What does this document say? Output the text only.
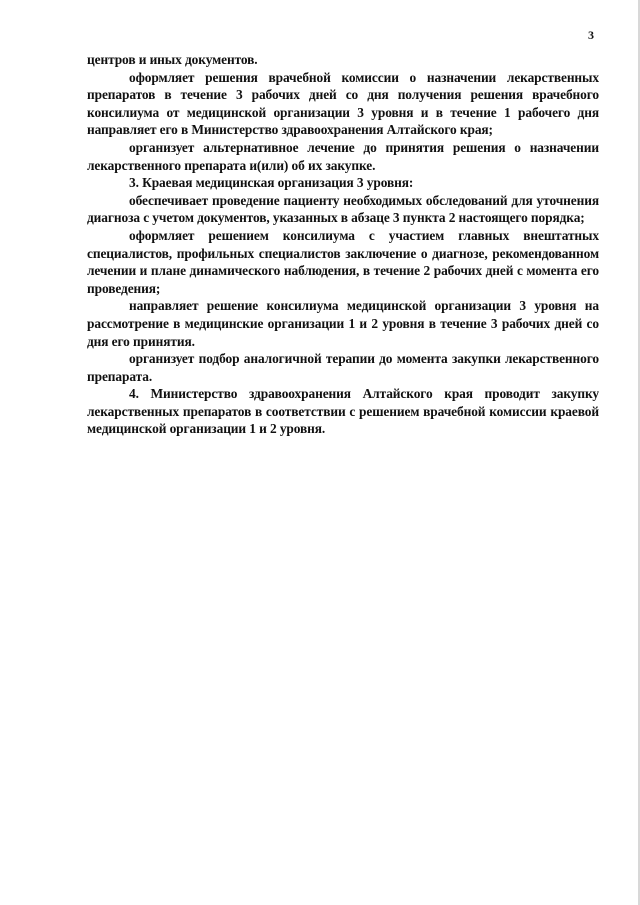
3

центров и иных документов.

оформляет решения врачебной комиссии о назначении лекарственных препаратов в течение 3 рабочих дней со дня получения решения врачебного консилиума от медицинской организации 3 уровня и в течение 1 рабочего дня направляет его в Министерство здравоохранения Алтайского края;

организует альтернативное лечение до принятия решения о назначении лекарственного препарата и(или) об их закупке.

3. Краевая медицинская организация 3 уровня:

обеспечивает проведение пациенту необходимых обследований для уточнения диагноза с учетом документов, указанных в абзаце 3 пункта 2 настоящего порядка;

оформляет решением консилиума с участием главных внештатных специалистов, профильных специалистов заключение о диагнозе, рекомендованном лечении и плане динамического наблюдения, в течение 2 рабочих дней с момента его проведения;

направляет решение консилиума медицинской организации 3 уровня на рассмотрение в медицинские организации 1 и 2 уровня в течение 3 рабочих дней со дня его принятия.

организует подбор аналогичной терапии до момента закупки лекарственного препарата.

4. Министерство здравоохранения Алтайского края проводит закупку лекарственных препаратов в соответствии с решением врачебной комиссии краевой медицинской организации 1 и 2 уровня.
